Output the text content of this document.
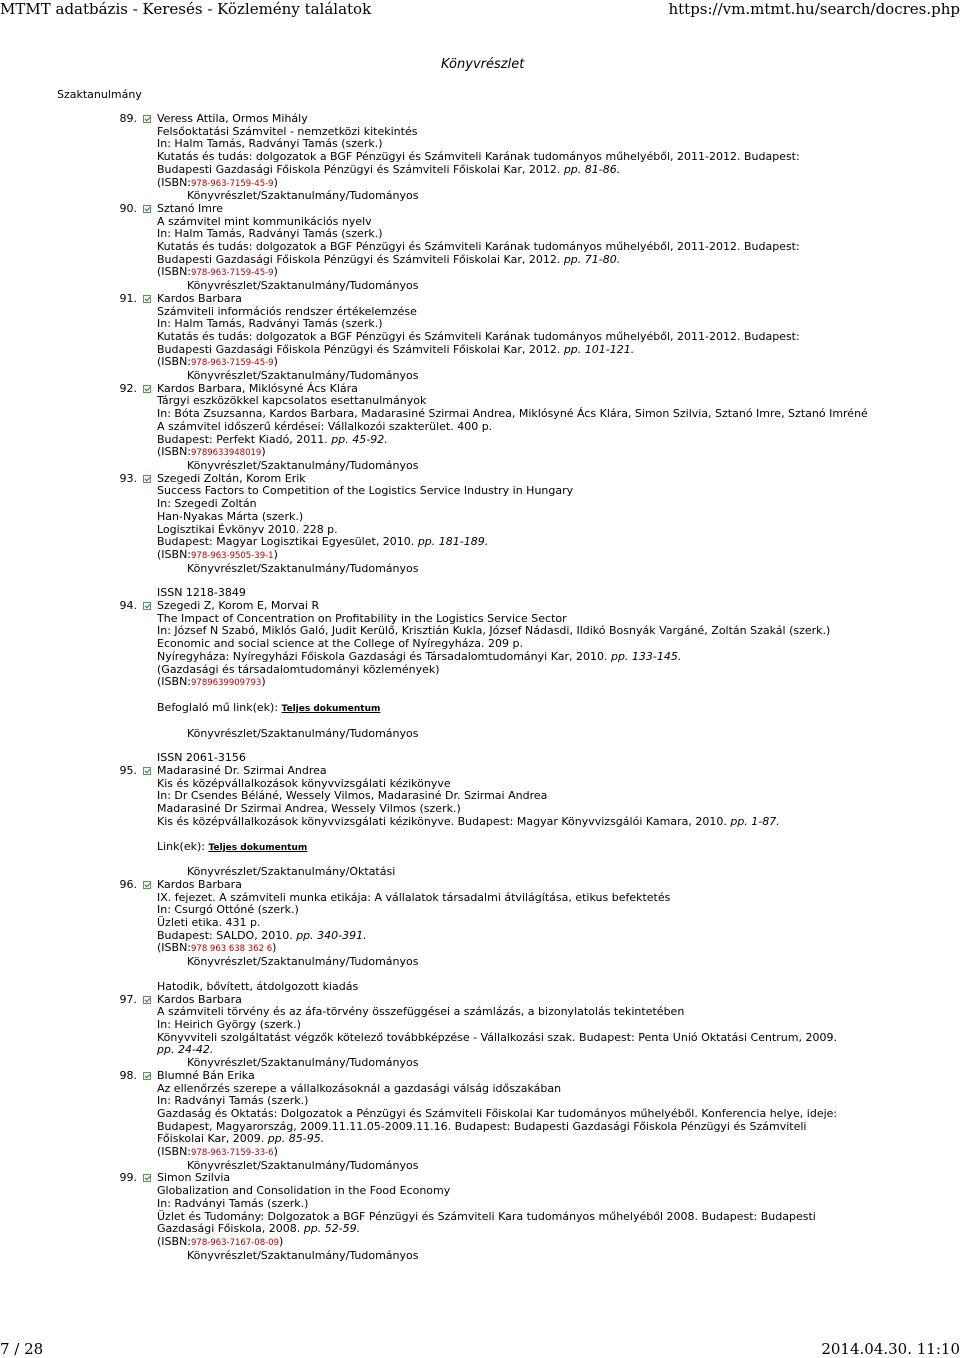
MTMT adatbázis - Keresés - Közlemény találatok	https://vm.mtmt.hu/search/docres.php
Könyvrészlet
Szaktanulmány
89. Veress Attila, Ormos Mihály
Felsőoktatási Számvitel - nemzetközi kitekintés
In: Halm Tamás, Radványi Tamás (szerk.)
Kutatás és tudás: dolgozatok a BGF Pénzügyi és Számviteli Karának tudományos műhelyéből, 2011-2012. Budapest: Budapesti Gazdasági Főiskola Pénzügyi és Számviteli Főiskolai Kar, 2012. pp. 81-86.
(ISBN:978-963-7159-45-9)
Könyvrészlet/Szaktanulmány/Tudományos
90. Sztanó Imre
A számvitel mint kommunikációs nyelv
In: Halm Tamás, Radványi Tamás (szerk.)
Kutatás és tudás: dolgozatok a BGF Pénzügyi és Számviteli Karának tudományos műhelyéből, 2011-2012. Budapest: Budapesti Gazdasági Főiskola Pénzügyi és Számviteli Főiskolai Kar, 2012. pp. 71-80.
(ISBN:978-963-7159-45-9)
Könyvrészlet/Szaktanulmány/Tudományos
91. Kardos Barbara
Számviteli információs rendszer értékelemzése
In: Halm Tamás, Radványi Tamás (szerk.)
Kutatás és tudás: dolgozatok a BGF Pénzügyi és Számviteli Karának tudományos műhelyéből, 2011-2012. Budapest: Budapesti Gazdasági Főiskola Pénzügyi és Számviteli Főiskolai Kar, 2012. pp. 101-121.
(ISBN:978-963-7159-45-9)
Könyvrészlet/Szaktanulmány/Tudományos
92. Kardos Barbara, Miklósyné Ács Klára
Tárgyi eszközökkel kapcsolatos esettanulmányok
In: Bóta Zsuzsanna, Kardos Barbara, Madarasiné Szirmai Andrea, Miklósyné Ács Klára, Simon Szilvia, Sztanó Imre, Sztanó Imréné
A számvitel időszerű kérdései: Vállalkozói szakterület. 400 p.
Budapest: Perfekt Kiadó, 2011. pp. 45-92.
(ISBN:9789633948019)
Könyvrészlet/Szaktanulmány/Tudományos
93. Szegedi Zoltán, Korom Erik
Success Factors to Competition of the Logistics Service Industry in Hungary
In: Szegedi Zoltán
Han-Nyakas Márta (szerk.)
Logisztikai Évkönyv 2010. 228 p.
Budapest: Magyar Logisztikai Egyesület, 2010. pp. 181-189.
(ISBN:978-963-9505-39-1)
Könyvrészlet/Szaktanulmány/Tudományos
ISSN 1218-3849
94. Szegedi Z, Korom E, Morvai R
The Impact of Concentration on Profitability in the Logistics Service Sector
In: József N Szabó, Miklós Galó, Judit Kerülő, Krisztián Kukla, József Nádasdi, Ildikó Bosnyák Vargáné, Zoltán Szakál (szerk.)
Economic and social science at the College of Nyíregyháza. 209 p.
Nyíregyháza: Nyíregyházi Főiskola Gazdasági és Társadalomtudományi Kar, 2010. pp. 133-145.
(Gazdasági és társadalomtudományi közlemények)
(ISBN:9789639909793)
Befoglaló mű link(ek): Teljes dokumentum
Könyvrészlet/Szaktanulmány/Tudományos
ISSN 2061-3156
95. Madarasiné Dr. Szirmai Andrea
Kis és középvállalkozások könyvvizsgálati kézikönyve
In: Dr Csendes Béláné, Wessely Vilmos, Madarasiné Dr. Szirmai Andrea
Madarasiné Dr Szirmai Andrea, Wessely Vilmos (szerk.)
Kis és középvállalkozások könyvvizsgálati kézikönyve. Budapest: Magyar Könyvvizsgálói Kamara, 2010. pp. 1-87.
Link(ek): Teljes dokumentum
Könyvrészlet/Szaktanulmány/Oktatási
96. Kardos Barbara
IX. fejezet. A számviteli munka etikája: A vállalatok társadalmi átvilágítása, etikus befektetés
In: Csurgó Ottóné (szerk.)
Üzleti etika. 431 p.
Budapest: SALDO, 2010. pp. 340-391.
(ISBN:978 963 638 362 6)
Könyvrészlet/Szaktanulmány/Tudományos
Hatodik, bővített, átdolgozott kiadás
97. Kardos Barbara
A számviteli törvény és az áfa-törvény összefüggései a számlázás, a bizonylatolás tekintetében
In: Heirich György (szerk.)
Könyvviteli szolgáltatást végzők kötelező továbbképzése - Vállalkozási szak. Budapest: Penta Unió Oktatási Centrum, 2009. pp. 24-42.
Könyvrészlet/Szaktanulmány/Tudományos
98. Blumné Bán Erika
Az ellenőrzés szerepe a vállalkozásoknál a gazdasági válság időszakában
In: Radványi Tamás (szerk.)
Gazdaság és Oktatás: Dolgozatok a Pénzügyi és Számviteli Főiskolai Kar tudományos műhelyéből. Konferencia helye, ideje: Budapest, Magyarország, 2009.11.11.05-2009.11.16. Budapest: Budapesti Gazdasági Főiskola Pénzügyi és Számviteli Főiskolai Kar, 2009. pp. 85-95.
(ISBN:978-963-7159-33-6)
Könyvrészlet/Szaktanulmány/Tudományos
99. Simon Szilvia
Globalization and Consolidation in the Food Economy
In: Radványi Tamás (szerk.)
Üzlet és Tudomány: Dolgozatok a BGF Pénzügyi és Számviteli Kara tudományos műhelyéből 2008. Budapest: Budapesti Gazdasági Főiskola, 2008. pp. 52-59.
(ISBN:978-963-7167-08-09)
Könyvrészlet/Szaktanulmány/Tudományos
7 / 28	2014.04.30. 11:10
